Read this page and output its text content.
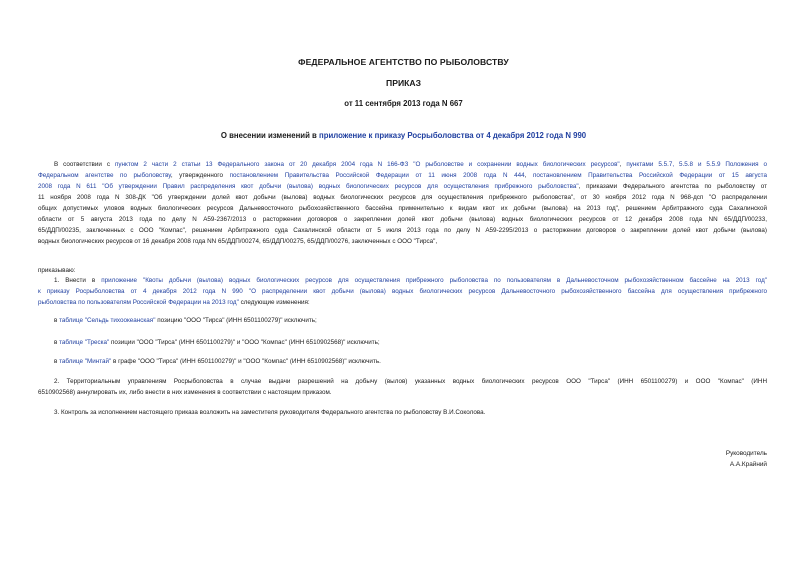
ФЕДЕРАЛЬНОЕ АГЕНТСТВО ПО РЫБОЛОВСТВУ
ПРИКАЗ
от 11 сентября 2013 года N 667
О внесении изменений в приложение к приказу Росрыболовства от 4 декабря 2012 года N 990
В соответствии с пунктом 2 части 2 статьи 13 Федерального закона от 20 декабря 2004 года N 166-ФЗ "О рыболовстве и сохранении водных биологических ресурсов", пунктами 5.5.7, 5.5.8 и 5.5.9 Положения о
Федеральном агентстве по рыболовству, утвержденного постановлением Правительства Российской Федерации от 11 июня 2008 года N 444, постановлением Правительства Российской Федерации от 15 августа
2008 года N 611 "Об утверждении Правил распределения квот добычи (вылова) водных биологических ресурсов для осуществления прибрежного рыболовства", приказами Федерального агентства по рыболовству от
11 ноября 2008 года N 308-ДК "Об утверждении долей квот добычи (вылова) водных биологических ресурсов для осуществления прибрежного рыболовства", от 30 ноября 2012 года N 968-дсп "О распределении
общих допустимых уловов водных биологических ресурсов Дальневосточного рыбохозяйственного бассейна применительно к видам квот их добычи (вылова) на 2013 год", решением Арбитражного суда Сахалинской
области от 5 августа 2013 года по делу N А59-2367/2013 о расторжении договоров о закреплении долей квот добычи (вылова) водных биологических ресурсов от 12 декабря 2008 года NN 65/ДДП/00233,
65/ДДП/00235, заключенных с ООО "Компас", решением Арбитражного суда Сахалинской области от 5 июля 2013 года по делу N А59-2295/2013 о расторжении договоров о закреплении долей квот добычи (вылова)
водных биологических ресурсов от 16 декабря 2008 года NN 65/ДДП/00274, 65/ДДП/00275, 65/ДДП/00276, заключенных с ООО "Тирса",
приказываю:
1. Внести в приложение "Квоты добычи (вылова) водных биологических ресурсов для осуществления прибрежного рыболовства по пользователям в Дальневосточном рыбохозяйственном бассейне на 2013 год"
к приказу Росрыболовства от 4 декабря 2012 года N 990 "О распределении квот добычи (вылова) водных биологических ресурсов Дальневосточного рыбохозяйственного бассейна для осуществления прибрежного
рыболовства по пользователям Российской Федерации на 2013 год" следующие изменения:
в таблице "Сельдь тихоокеанская" позицию "ООО "Тирса" (ИНН 6501100279)" исключить;
в таблице "Треска" позиции "ООО "Тирса" (ИНН 6501100279)" и "ООО "Компас" (ИНН 6510902568)" исключить;
в таблице "Минтай" в графе "ООО "Тирса" (ИНН 6501100279)" и "ООО "Компас" (ИНН 6510902568)" исключить.
2. Территориальным управлениям Росрыболовства в случае выдачи разрешений на добычу (вылов) указанных водных биологических ресурсов ООО "Тирса" (ИНН 6501100279) и ООО "Компас" (ИНН
6510902568) аннулировать их, либо внести в них изменения в соответствии с настоящим приказом.
3. Контроль за исполнением настоящего приказа возложить на заместителя руководителя Федерального агентства по рыболовству В.И.Соколова.
Руководитель
А.А.Крайний
